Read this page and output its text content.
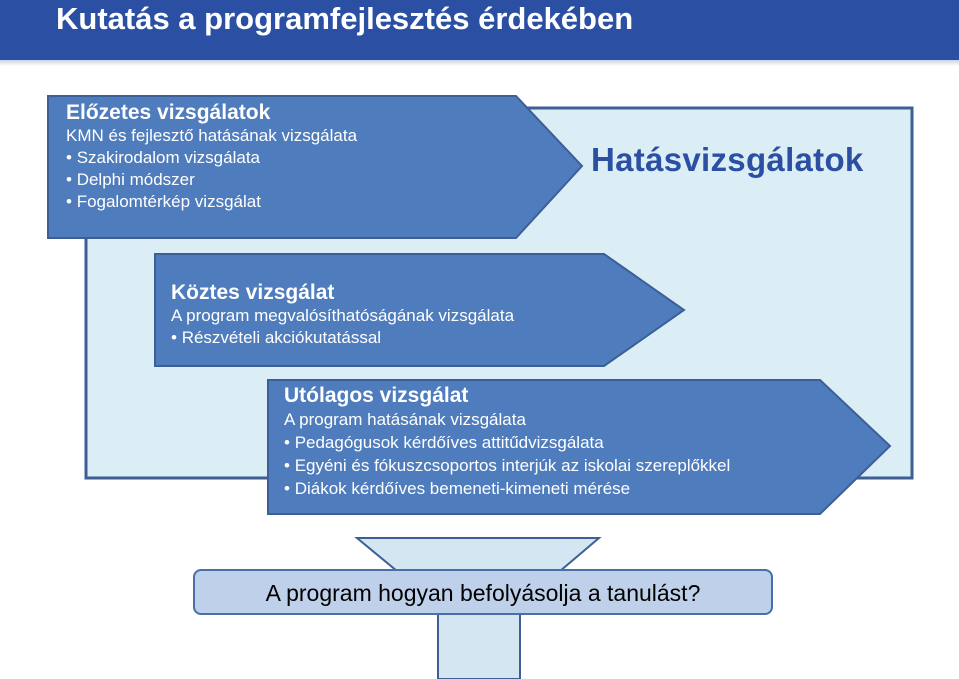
Kutatás a programfejlesztés érdekében
Hatásvizsgálatok
Előzetes vizsgálatok
KMN és fejlesztő hatásának vizsgálata
• Szakirodalom vizsgálata
• Delphi módszer
• Fogalomtérkép vizsgálat
Köztes vizsgálat
A program megvalósíthatóságának vizsgálata
• Részvételi akciókutatással
Utólagos vizsgálat
A program hatásának vizsgálata
• Pedagógusok kérdőíves attitűdvizsgálata
• Egyéni és fókuszcsoportos interjúk az iskolai szereplőkkel
• Diákok kérdőíves bemeneti-kimeneti mérése
A program hogyan befolyásolja a tanulást?
